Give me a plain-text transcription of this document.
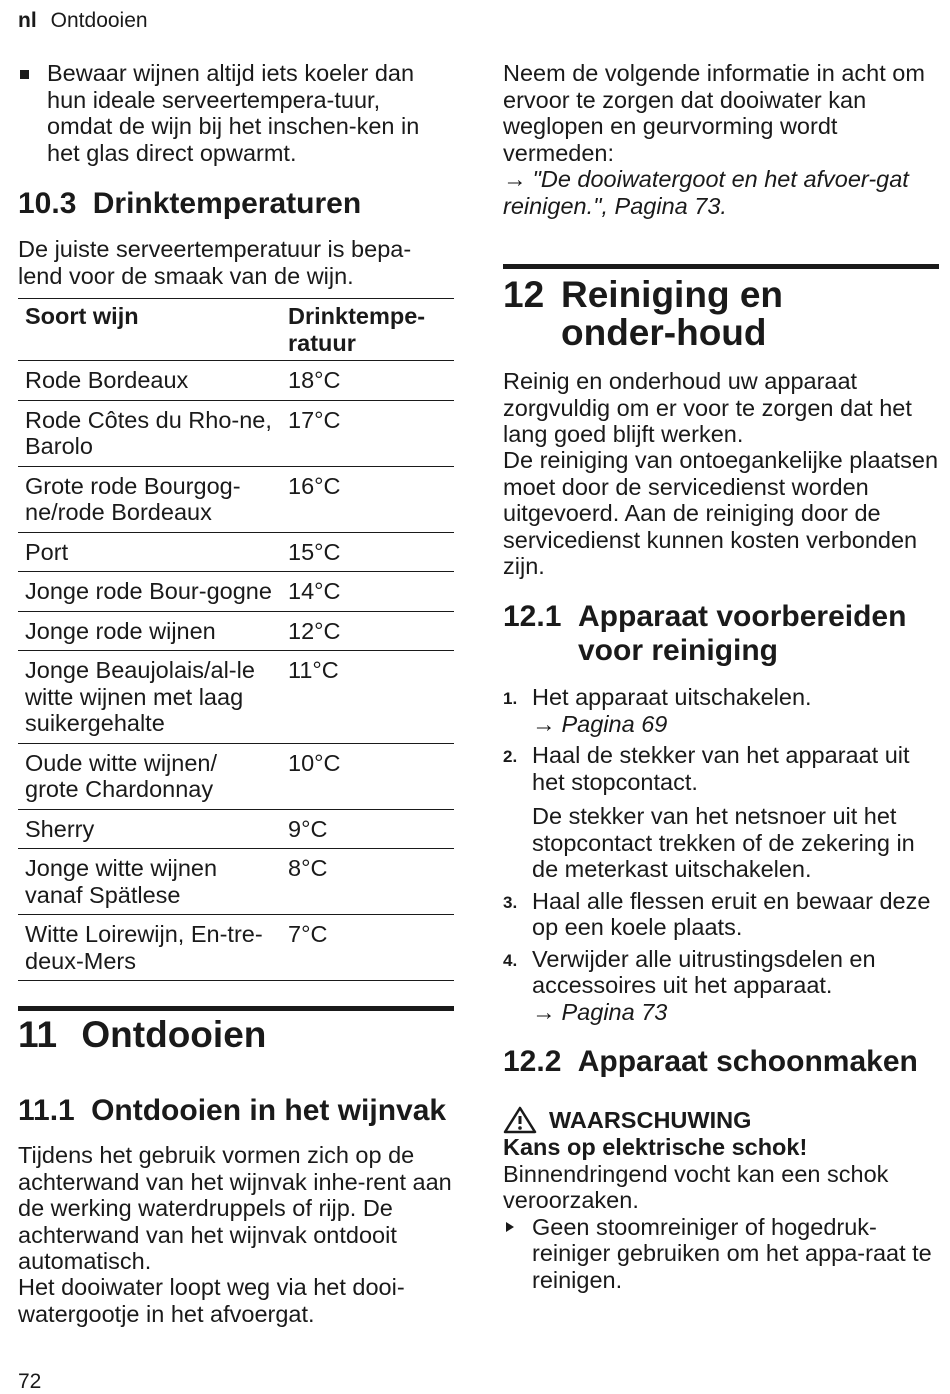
nl Ontdooien

Bewaar wijnen altijd iets koeler dan hun ideale serveertempera-tuur, omdat de wijn bij het inschen-ken in het glas direct opwarmt.

10.3 Drinktemperaturen

De juiste serveertemperatuur is bepa-lend voor de smaak van de wijn.

Soort wijn	Drinktempe-ratuur
Rode Bordeaux	18°C
Rode Côtes du Rho-ne, Barolo	17°C
Grote rode Bourgog-ne/rode Bordeaux	16°C
Port	15°C
Jonge rode Bour-gogne	14°C
Jonge rode wijnen	12°C
Jonge Beaujolais/al-le witte wijnen met laag suikergehalte	11°C
Oude witte wijnen/ grote Chardonnay	10°C
Sherry	9°C
Jonge witte wijnen vanaf Spätlese	8°C
Witte Loirewijn, En-tre-deux-Mers	7°C
11 Ontdooien
11.1 Ontdooien in het wijnvak

Tijdens het gebruik vormen zich op de achterwand van het wijnvak inhe-rent aan de werking waterdruppels of rijp. De achterwand van het wijnvak ontdooit automatisch.

Het dooiwater loopt weg via het dooi-watergootje in het afvoergat.

Neem de volgende informatie in acht om ervoor te zorgen dat dooiwater kan weglopen en geurvorming wordt vermeden:

→ "De dooiwatergoot en het afvoer-gat reinigen.", Pagina 73.

12 Reiniging en onder-houd

Reinig en onderhoud uw apparaat zorgvuldig om er voor te zorgen dat het lang goed blijft werken.

De reiniging van ontoegankelijke plaatsen moet door de servicedienst worden uitgevoerd. Aan de reiniging door de servicedienst kunnen kosten verbonden zijn.

12.1 Apparaat voorbereiden voor reiniging
1. Het apparaat uitschakelen.
→ Pagina 69
2. Haal de stekker van het apparaat uit het stopcontact.
De stekker van het netsnoer uit het stopcontact trekken of de zekering in de meterkast uitschakelen.
3. Haal alle flessen eruit en bewaar deze op een koele plaats.
4. Verwijder alle uitrustingsdelen en accessoires uit het apparaat.
→ Pagina 73
12.2 Apparaat schoonmaken
WAARSCHUWING

Kans op elektrische schok!

Binnendringend vocht kan een schok veroorzaken.

Geen stoomreiniger of hogedruk-reiniger gebruiken om het appa-raat te reinigen.

72
